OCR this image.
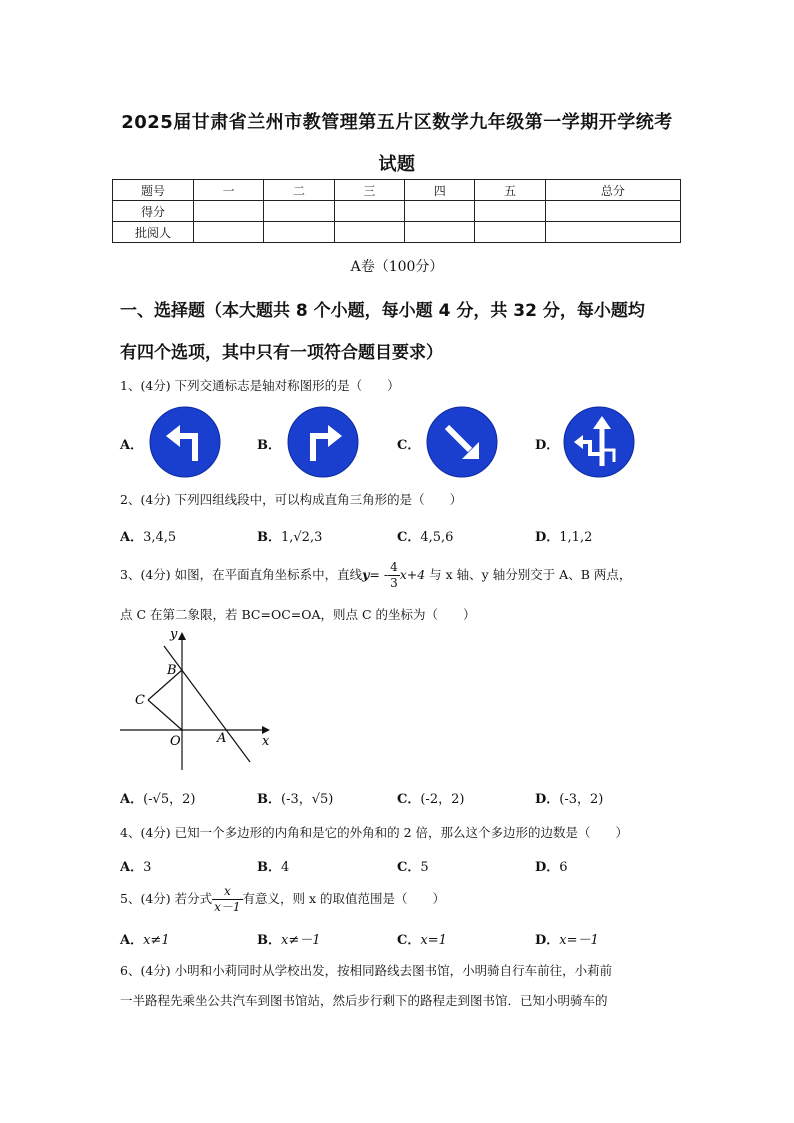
2025届甘肃省兰州市教管理第五片区数学九年级第一学期开学统考
试题
题号	一	二	三	四	五	总分
得分						
批阅人						
A卷（100分）
一、选择题（本大题共 8 个小题，每小题 4 分，共 32 分，每小题均
有四个选项，其中只有一项符合题目要求）
1、(4分) 下列交通标志是轴对称图形的是（　　）
A．	B．	C．	D．
2、(4分) 下列四组线段中，可以构成直角三角形的是（　　）
A．3,4,5	B．1,√2,3	C．4,5,6	D．1,1,2
3、(4分) 如图，在平面直角坐标系中，直线$y= - \frac{4}{3} x+4$ 与 x 轴、y 轴分别交于 A、B 两点，
点 C 在第二象限，若 BC=OC=OA，则点 C 的坐标为（　　）
y
x
B
C
O	A
A．(-√5，2)	B．(-3，√5)	C．(-2，2)	D．(-3，2)
4、(4分) 已知一个多边形的内角和是它的外角和的 2 倍，那么这个多边形的边数是（　　）
A．3	B．4	C．5	D．6
5、(4分) 若分式 $\frac{x}{x-1}$ 有意义，则 x 的取值范围是（　　）
A．x≠1	B．x≠－1	C．x=1	D．x=－1
6、(4分) 小明和小莉同时从学校出发，按相同路线去图书馆，小明骑自行车前往，小莉前
一半路程先乘坐公共汽车到图书馆站，然后步行剩下的路程走到图书馆．已知小明骑车的
